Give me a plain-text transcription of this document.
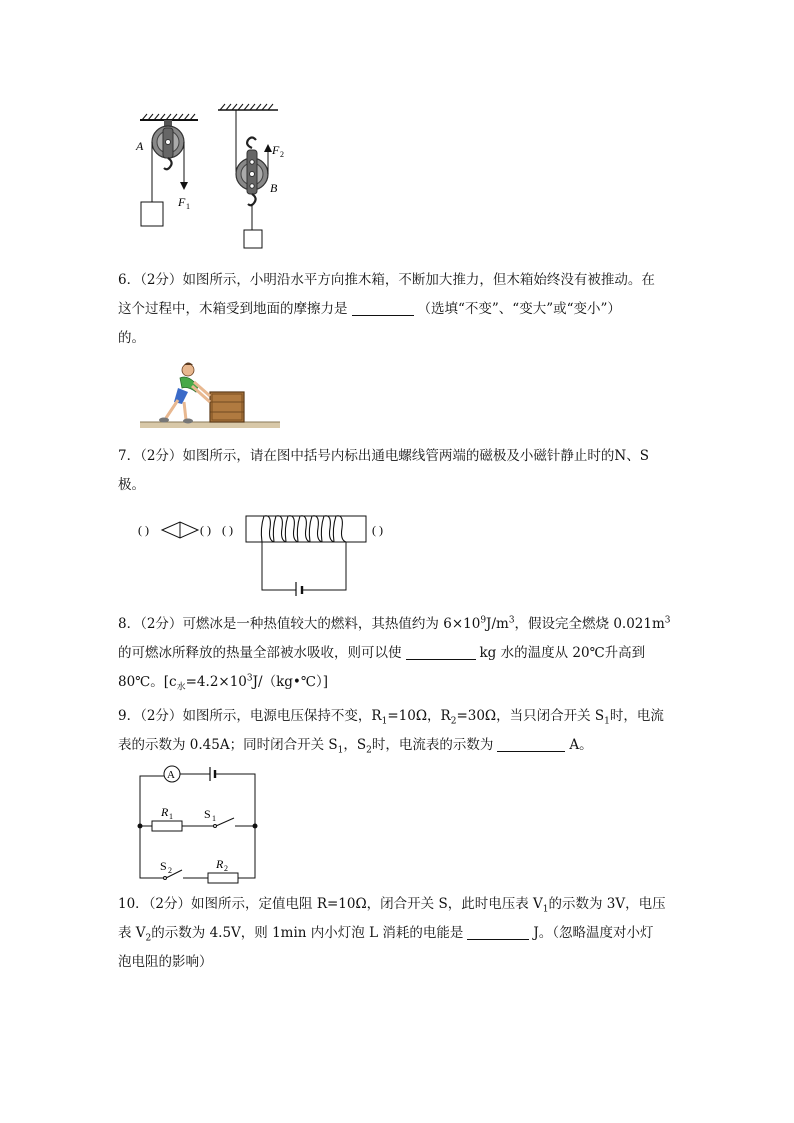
A
F 1
F 2
B
6．（2分）如图所示，小明沿水平方向推木箱，不断加大推力，但木箱始终没有被推动。在
这个过程中，木箱受到地面的摩擦力是	（选填“不变”、“变大”或“变小”）
的。
7．（2分）如图所示，请在图中括号内标出通电螺线管两端的磁极及小磁针静止时的N、S
极。
( )	( ) ( )	( )
8．（2分）可燃冰是一种热值较大的燃料，其热值约为 $6\times 10^9J/m^3$，假设完全燃烧 $0.021m^3$
的可燃冰所释放的热量全部被水吸收，则可以使	kg 水的温度从 20℃升高到
80℃。$[c_水=4.2\times 10^3J/(kg•℃)]$
9．（2分）如图所示，电源电压保持不变，$R_1=10\Omega$，$R_2=30\Omega$，当只闭合开关 $S_1$时，电流
表的示数为 0.45A；同时闭合开关 $S_1$，$S_2$时，电流表的示数为	A。
A
R 1	S 1
S 2	R 2
10．（2分）如图所示，定值电阻 R=10Ω，闭合开关 S，此时电压表 $V_1$的示数为 3V，电压
表 $V_2$的示数为 4.5V，则 1min 内小灯泡 L 消耗的电能是	J。（忽略温度对小灯
泡电阻的影响）
